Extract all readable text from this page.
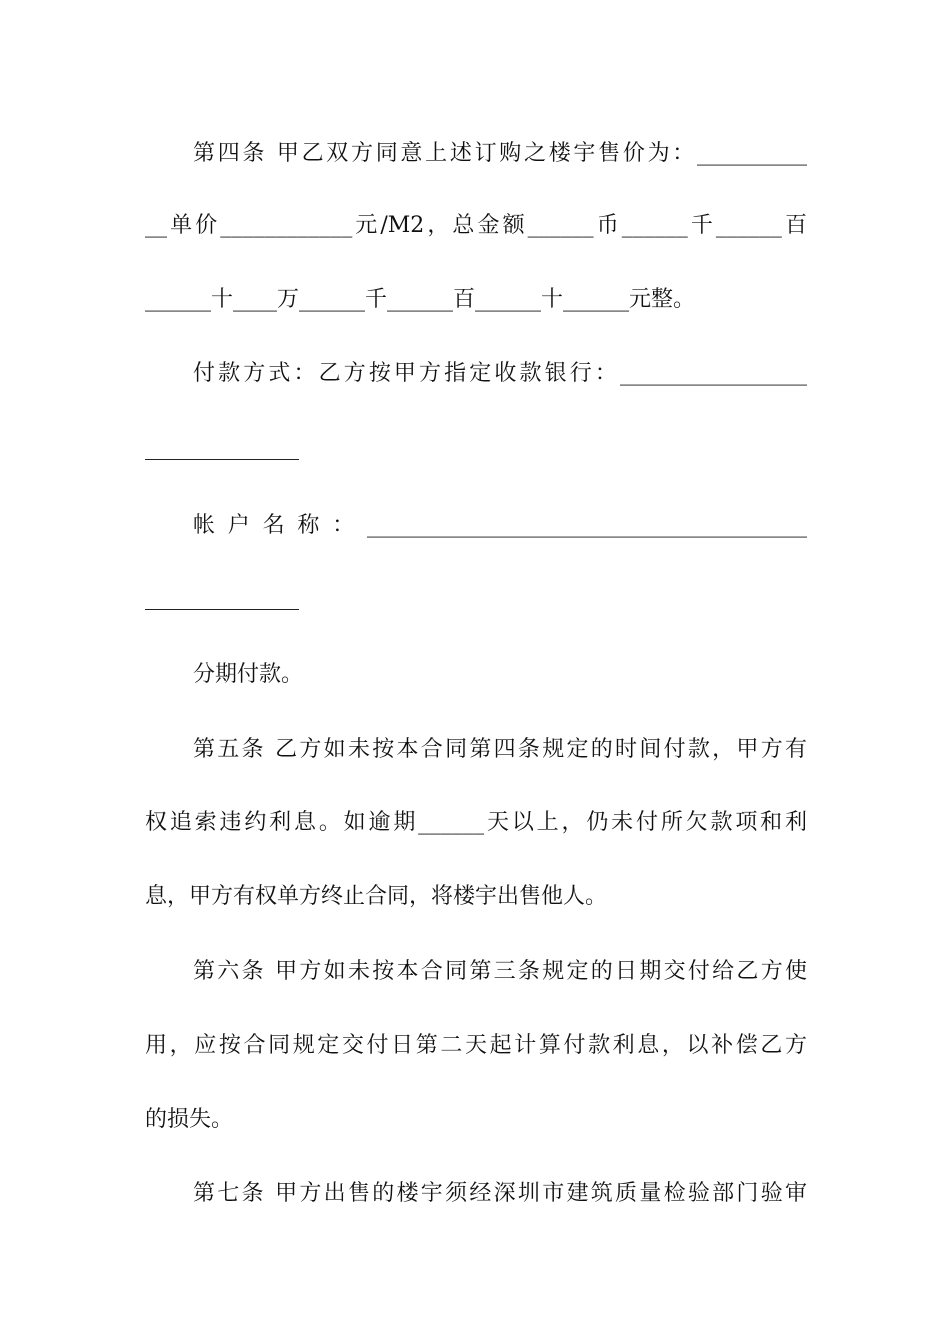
第四条 甲乙双方同意上述订购之楼宇售价为：__________
__单价____________元/M2，总金额______币______千______百
______十____万______千______百______十______元整。
付款方式：乙方按甲方指定收款银行：_________________
帐户名称：________________________________________
分期付款。
第五条 乙方如未按本合同第四条规定的时间付款，甲方有
权追索违约利息。如逾期______天以上，仍未付所欠款项和利
息，甲方有权单方终止合同，将楼宇出售他人。
第六条 甲方如未按本合同第三条规定的日期交付给乙方使
用，应按合同规定交付日第二天起计算付款利息，以补偿乙方
的损失。
第七条 甲方出售的楼宇须经深圳市建筑质量检验部门验审
